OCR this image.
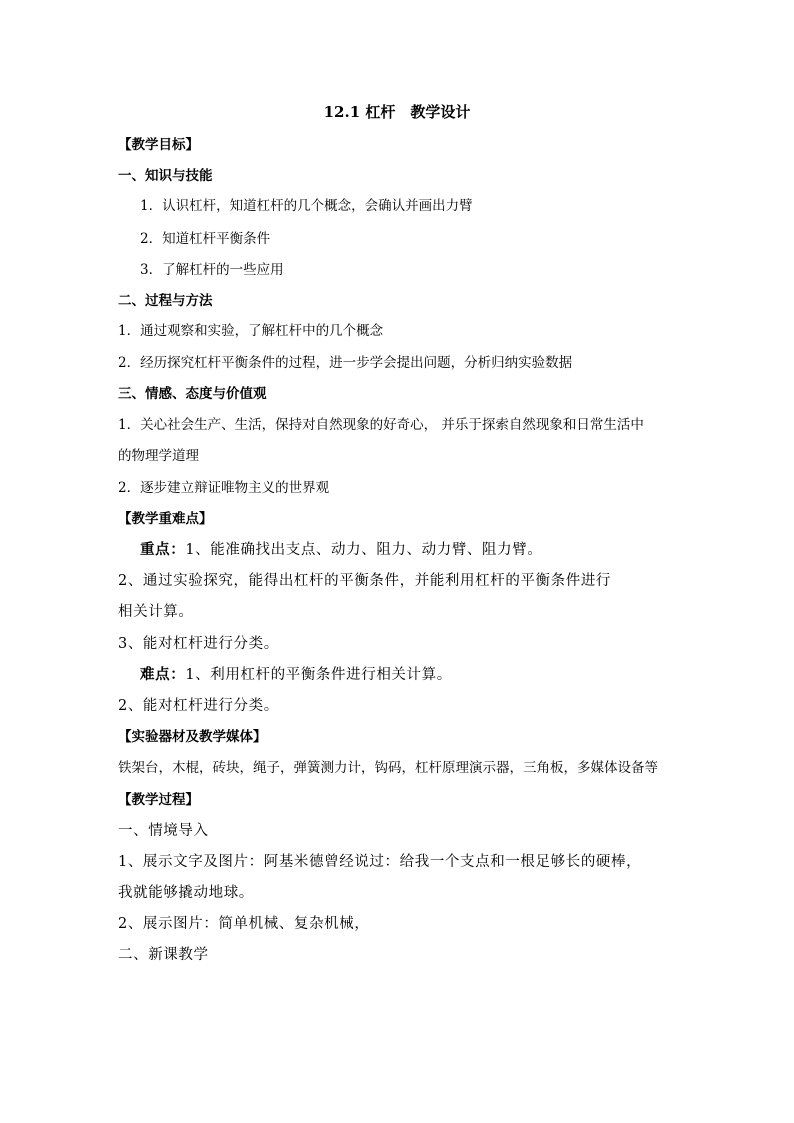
12.1 杠杆　教学设计
【教学目标】
一、知识与技能
1．认识杠杆，知道杠杆的几个概念，会确认并画出力臂
2．知道杠杆平衡条件
3．了解杠杆的一些应用
二、过程与方法
1．通过观察和实验，了解杠杆中的几个概念
2．经历探究杠杆平衡条件的过程，进一步学会提出问题，分析归纳实验数据
三、情感、态度与价值观
1．关心社会生产、生活，保持对自然现象的好奇心， 并乐于探索自然现象和日常生活中
的物理学道理
2．逐步建立辩证唯物主义的世界观
【教学重难点】
重点：1、能准确找出支点、动力、阻力、动力臂、阻力臂。
2、通过实验探究，能得出杠杆的平衡条件，并能利用杠杆的平衡条件进行
相关计算。
3、能对杠杆进行分类。
难点：1、利用杠杆的平衡条件进行相关计算。
2、能对杠杆进行分类。
【实验器材及教学媒体】
铁架台，木棍，砖块，绳子，弹簧测力计，钩码，杠杆原理演示器，三角板，多媒体设备等
【教学过程】
一、情境导入
1、展示文字及图片：阿基米德曾经说过：给我一个支点和一根足够长的硬棒，
我就能够撬动地球。
2、展示图片：简单机械、复杂机械，
二、新课教学
